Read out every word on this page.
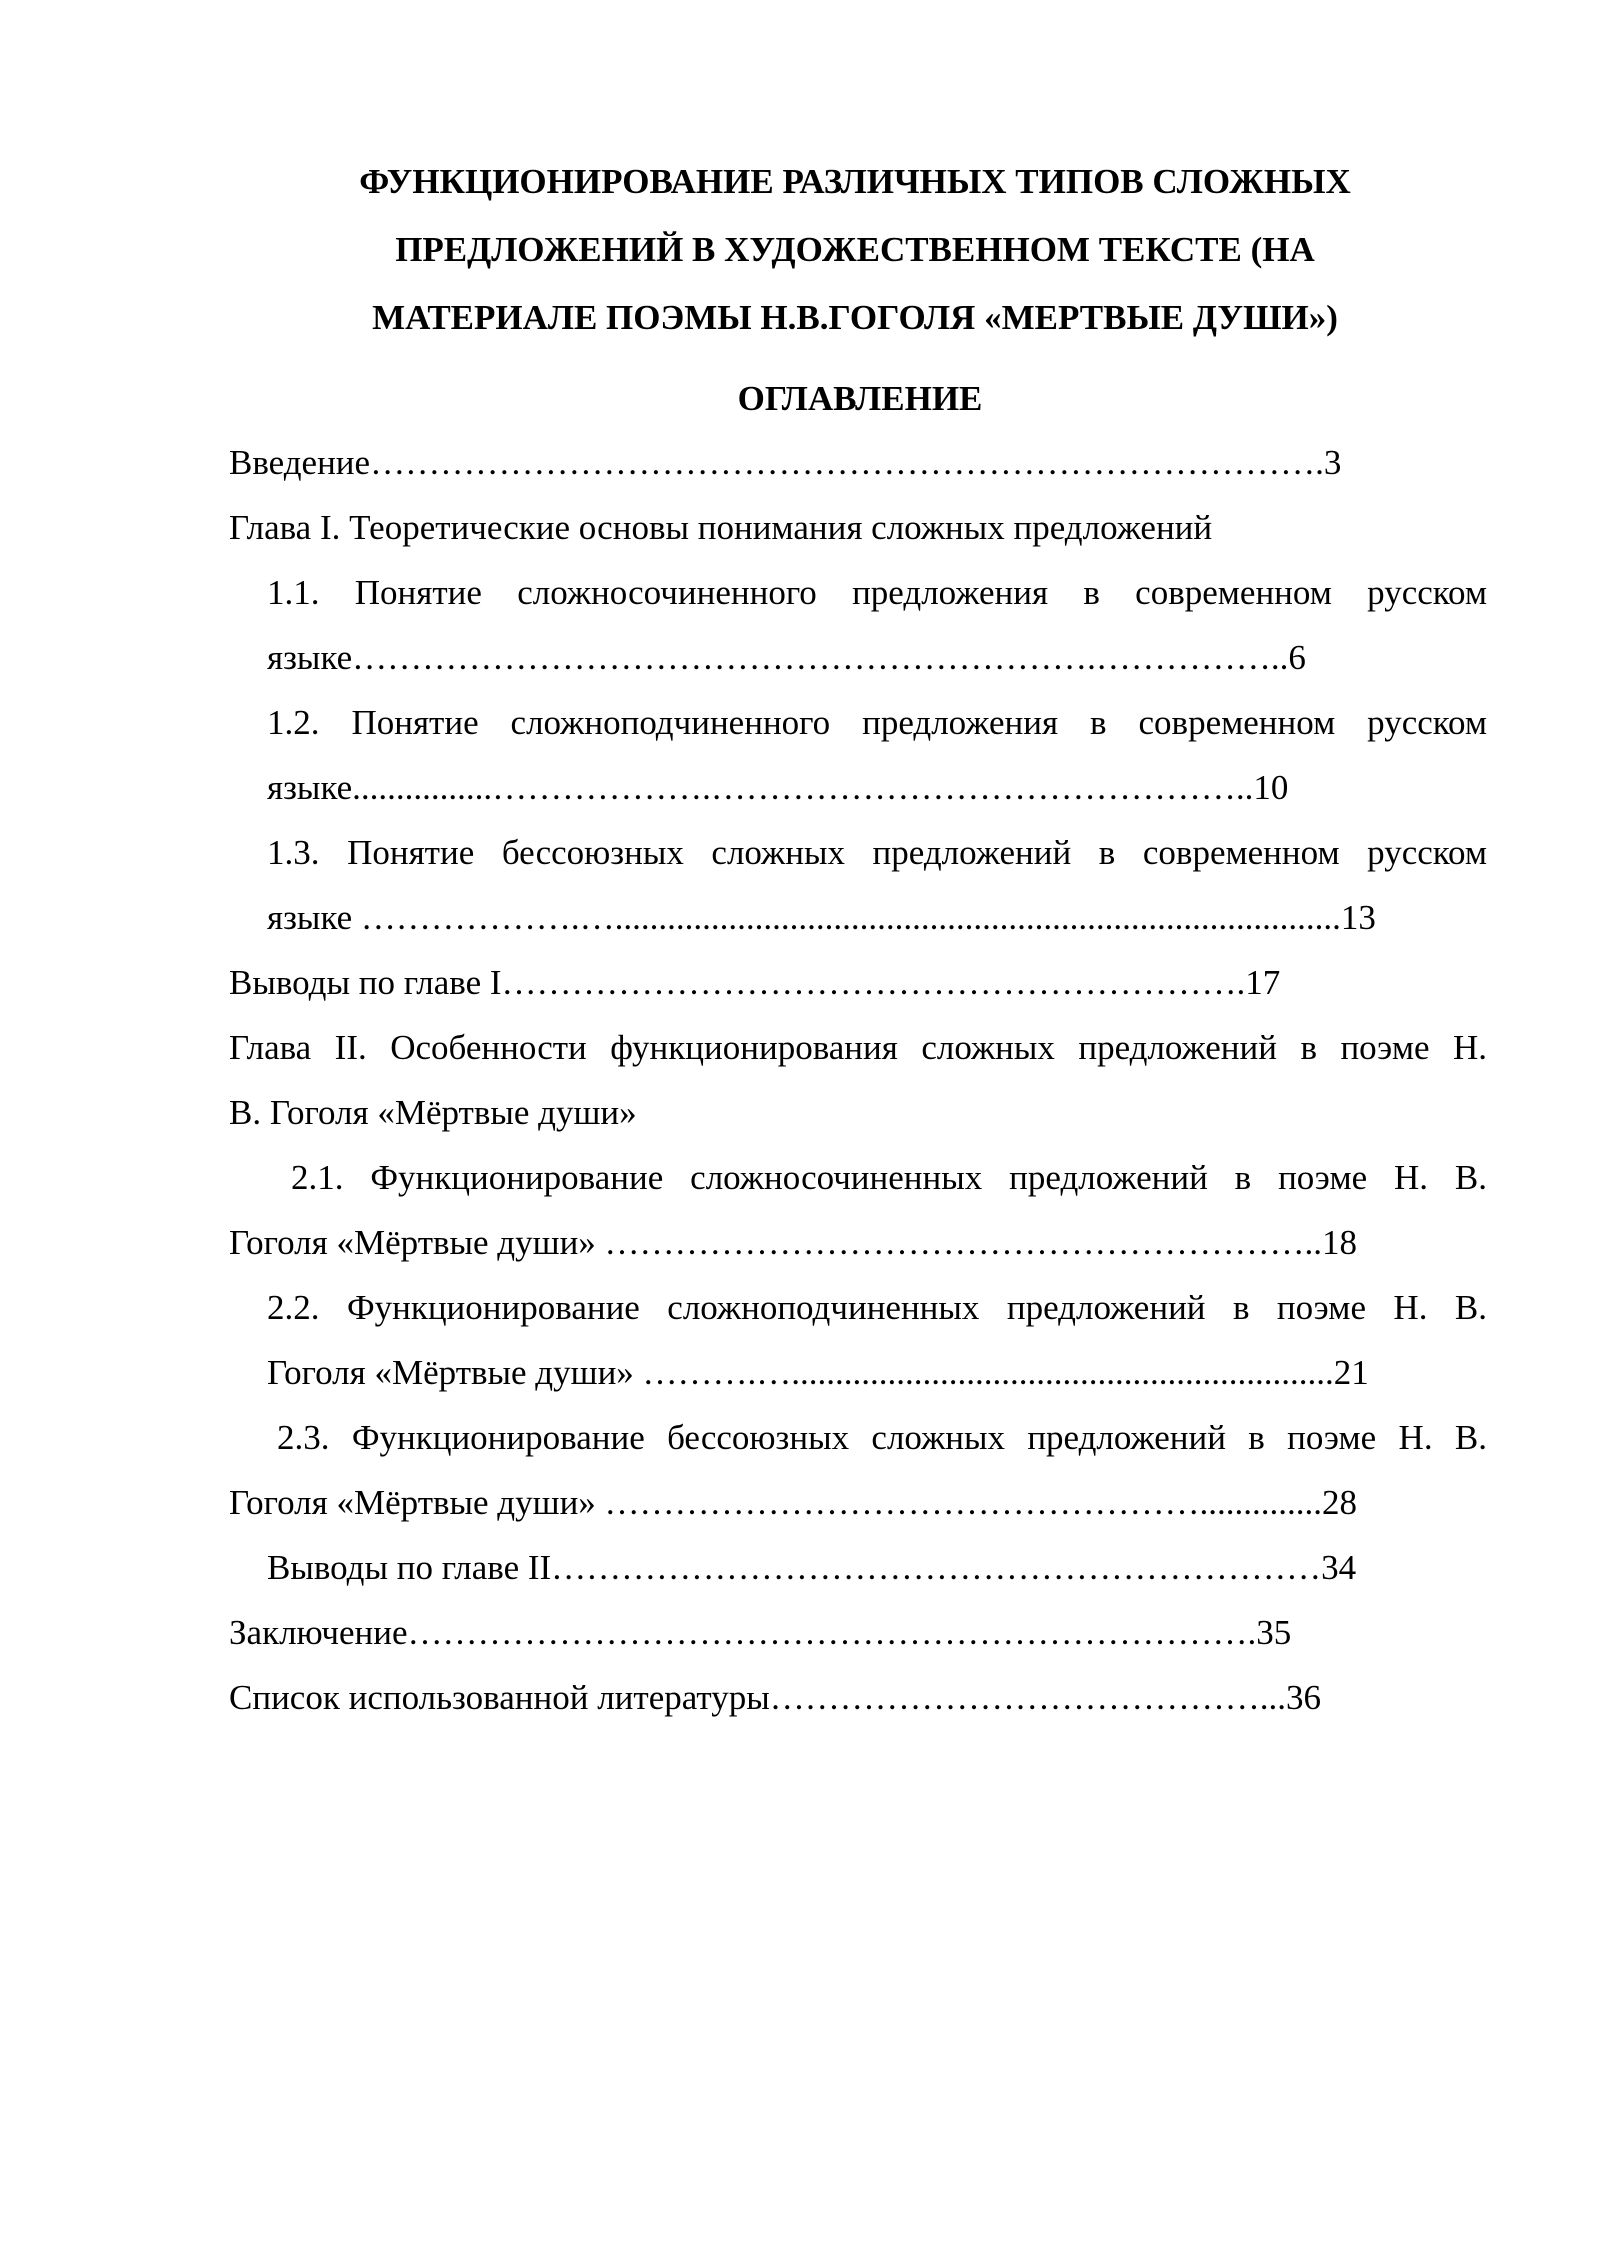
ФУНКЦИОНИРОВАНИЕ РАЗЛИЧНЫХ ТИПОВ СЛОЖНЫХ
ПРЕДЛОЖЕНИЙ В ХУДОЖЕСТВЕННОМ ТЕКСТЕ (НА
МАТЕРИАЛЕ ПОЭМЫ Н.В.ГОГОЛЯ «МЕРТВЫЕ ДУШИ»)
ОГЛАВЛЕНИЕ
Введение……………………………………………………………………….3
Глава I. Теоретические основы понимания сложных предложений
1.1. Понятие сложносочиненного предложения в современном русском
языке……………………………………………………….……………..6
1.2. Понятие сложноподчиненного предложения в современном русском
языке................……………….………………………………………..10
1.3. Понятие бессоюзных сложных предложений в современном русском
языке ……………….…...................................................................................13
Выводы по главе I……………………………………………………….17
Глава II. Особенности функционирования сложных предложений в поэме Н.
В. Гоголя «Мёртвые души»
2.1. Функционирование сложносочиненных предложений в поэме Н. В.
Гоголя «Мёртвые души» ……………………………………………………..18
2.2. Функционирование сложноподчиненных предложений в поэме Н. В.
Гоголя «Мёртвые души» ……….…..............................................................21
2.3. Функционирование бессоюзных сложных предложений в поэме Н. В.
Гоголя «Мёртвые души» ……………………………………………..............28
Выводы по главе II…………………………………………………………34
Заключение……………………………………………………………….35
Список использованной литературы……………………………………...36
